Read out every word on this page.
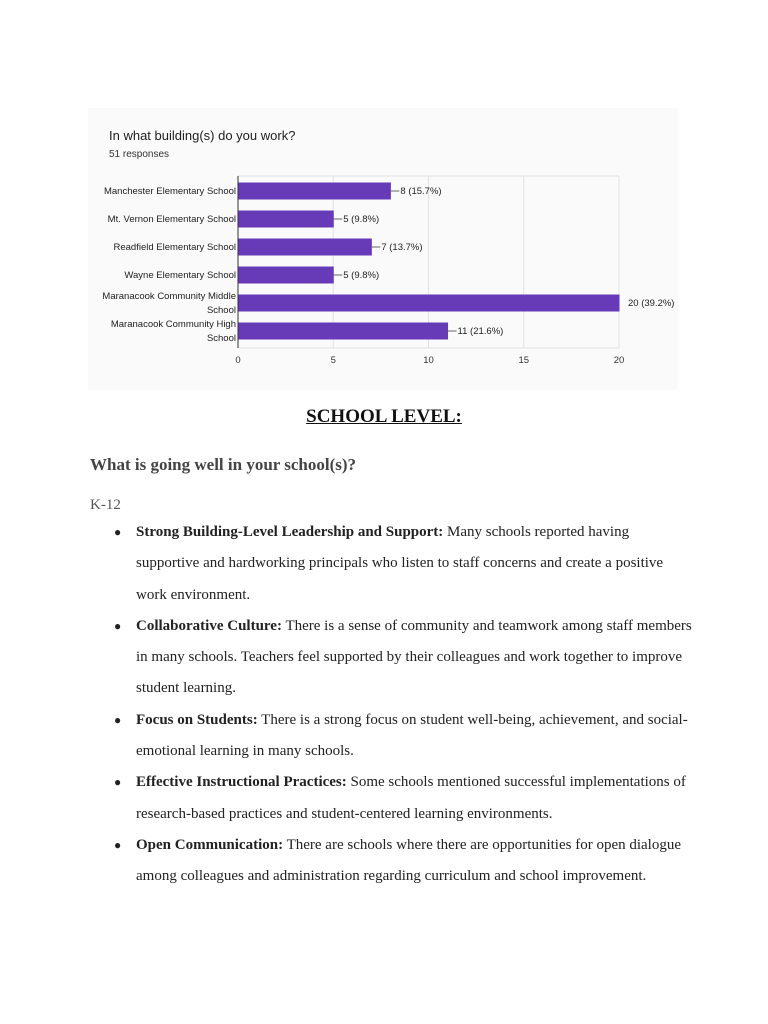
In what building(s) do you work?
51 responses
0	5	10	15	20
Manchester Elementary School	8 (15.7%)
Mt. Vernon Elementary School	5 (9.8%)
Readfield Elementary School	7 (13.7%)
Wayne Elementary School	5 (9.8%)
Maranacook Community Middle
School
20 (39.2%)
Maranacook Community High
School
11 (21.6%)
SCHOOL LEVEL:
What is going well in your school(s)?
K-12
● Strong Building-Level Leadership and Support: Many schools reported having supportive and hardworking principals who listen to staff concerns and create a positive work environment.
● Collaborative Culture: There is a sense of community and teamwork among staff members in many schools. Teachers feel supported by their colleagues and work together to improve student learning.
● Focus on Students: There is a strong focus on student well-being, achievement, and social-emotional learning in many schools.
● Effective Instructional Practices: Some schools mentioned successful implementations of research-based practices and student-centered learning environments.
● Open Communication: There are schools where there are opportunities for open dialogue among colleagues and administration regarding curriculum and school improvement.
